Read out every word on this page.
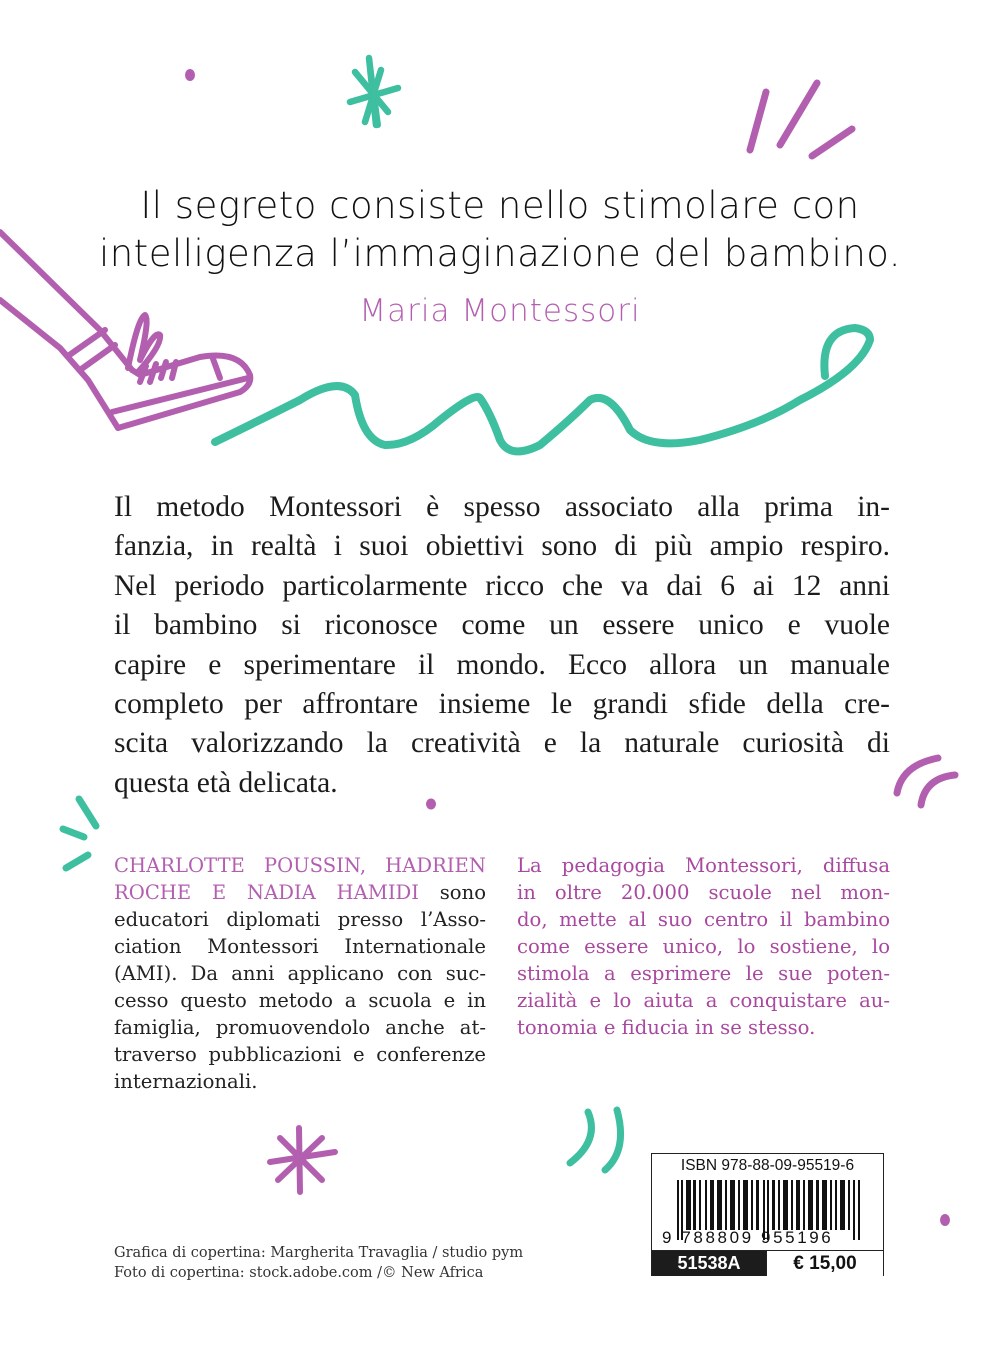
Il segreto consiste nello stimolare con
intelligenza l’immaginazione del bambino.
Maria Montessori
Il metodo Montessori è spesso associato alla prima in-
fanzia, in realtà i suoi obiettivi sono di più ampio respiro.
Nel periodo particolarmente ricco che va dai 6 ai 12 anni
il bambino si riconosce come un essere unico e vuole
capire e sperimentare il mondo. Ecco allora un manuale
completo per affrontare insieme le grandi sfide della cre-
scita valorizzando la creatività e la naturale curiosità di
questa età delicata.
CHARLOTTE POUSSIN, HADRIEN
ROCHE E NADIA HAMIDI sono
educatori diplomati presso l’Asso-
ciation Montessori Internationale
(AMI). Da anni applicano con suc-
cesso questo metodo a scuola e in
famiglia, promuovendolo anche at-
traverso pubblicazioni e conferenze
internazionali.
La pedagogia Montessori, diffusa
in oltre 20.000 scuole nel mon-
do, mette al suo centro il bambino
come essere unico, lo sostiene, lo
stimola a esprimere le sue poten-
zialità e lo aiuta a conquistare au-
tonomia e fiducia in se stesso.
Grafica di copertina: Margherita Travaglia / studio pym
Foto di copertina: stock.adobe.com /© New Africa
ISBN 978-88-09-95519-6
9 788809 955196
51538A	€ 15,00
